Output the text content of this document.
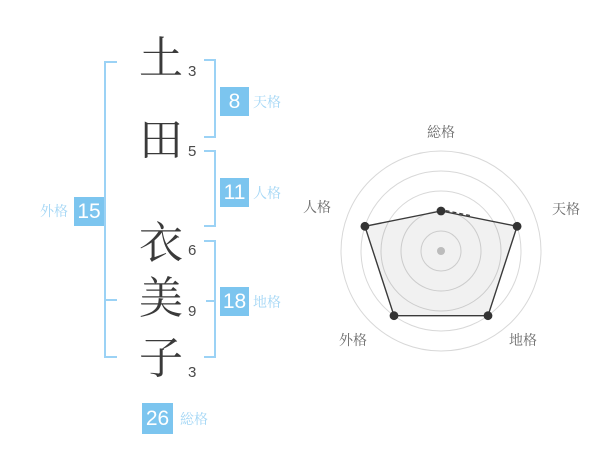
土
田
衣
美
子
3
5
6
9
3
8
11
18
15
26
天格
人格
地格
外格
総格
総格
天格
地格
外格
人格
